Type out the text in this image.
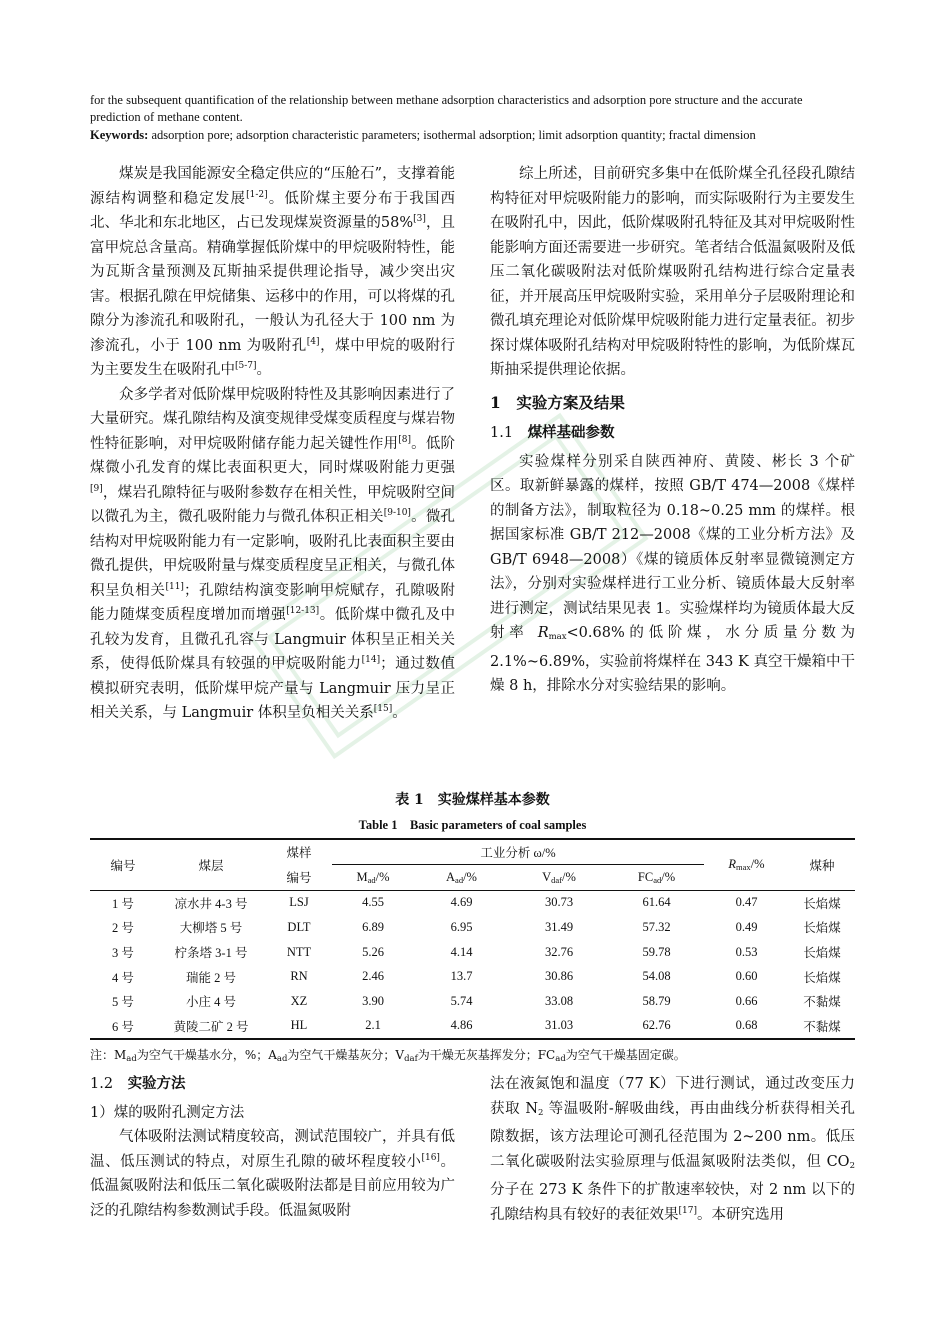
for the subsequent quantification of the relationship between methane adsorption characteristics and adsorption pore structure and the accurate prediction of methane content.
Keywords: adsorption pore; adsorption characteristic parameters; isothermal adsorption; limit adsorption quantity; fractal dimension

煤炭是我国能源安全稳定供应的“压舱石”，支撑着能源结构调整和稳定发展[1-2]。低阶煤主要分布于我国西北、华北和东北地区，占已发现煤炭资源量的58%[3]，且富甲烷总含量高。精确掌握低阶煤中的甲烷吸附特性，能为瓦斯含量预测及瓦斯抽采提供理论指导，减少突出灾害。根据孔隙在甲烷储集、运移中的作用，可以将煤的孔隙分为渗流孔和吸附孔，一般认为孔径大于 100 nm 为渗流孔，小于 100 nm 为吸附孔[4]，煤中甲烷的吸附行为主要发生在吸附孔中[5-7]。

众多学者对低阶煤甲烷吸附特性及其影响因素进行了大量研究。煤孔隙结构及演变规律受煤变质程度与煤岩物性特征影响，对甲烷吸附储存能力起关键性作用[8]。低阶煤微小孔发育的煤比表面积更大，同时煤吸附能力更强[9]，煤岩孔隙特征与吸附参数存在相关性，甲烷吸附空间以微孔为主，微孔吸附能力与微孔体积正相关[9-10]。微孔结构对甲烷吸附能力有一定影响，吸附孔比表面积主要由微孔提供，甲烷吸附量与煤变质程度呈正相关，与微孔体积呈负相关[11]；孔隙结构演变影响甲烷赋存，孔隙吸附能力随煤变质程度增加而增强[12-13]。低阶煤中微孔及中孔较为发育，且微孔孔容与 Langmuir 体积呈正相关关系，使得低阶煤具有较强的甲烷吸附能力[14]；通过数值模拟研究表明，低阶煤甲烷产量与 Langmuir 压力呈正相关关系，与 Langmuir 体积呈负相关关系[15]。

综上所述，目前研究多集中在低阶煤全孔径段孔隙结构特征对甲烷吸附能力的影响，而实际吸附行为主要发生在吸附孔中，因此，低阶煤吸附孔特征及其对甲烷吸附性能影响方面还需要进一步研究。笔者结合低温氮吸附及低压二氧化碳吸附法对低阶煤吸附孔结构进行综合定量表征，并开展高压甲烷吸附实验，采用单分子层吸附理论和微孔填充理论对低阶煤甲烷吸附能力进行定量表征。初步探讨煤体吸附孔结构对甲烷吸附特性的影响，为低阶煤瓦斯抽采提供理论依据。

1　 实验方案及结果
1.1　 煤样基础参数

实验煤样分别采自陕西神府、黄陵、彬长 3 个矿区。取新鲜暴露的煤样，按照 GB/T 474—2008《煤样的制备方法》，制取粒径为 0.18~0.25 mm 的煤样。根据国家标准 GB/T 212—2008《煤的工业分析方法》及 GB/T 6948—2008）《煤的镜质体反射率显微镜测定方法》，分别对实验煤样进行工业分析、镜质体最大反射率进行测定，测试结果见表 1。实验煤样均为镜质体最大反射率 $R_{max}<0.68\%$的低阶煤，水分质量分数为 2.1%~6.89%，实验前将煤样在 343 K 真空干燥箱中干燥 8 h，排除水分对实验结果的影响。

表 1　实验煤样基本参数
Table 1　Basic parameters of coal samples
编号	煤层	煤样	工业分析 ω/%				$R_{max}/\%$	煤种
		编号	$M_{ad}/\%$	$A_{ad}/\%$	$V_{daf}/\%$	$FC_{ad}/\%$		
1 号	凉水井 4-3 号	LSJ	4.55	4.69	30.73	61.64	0.47	长焰煤
2 号	大柳塔 5 号	DLT	6.89	6.95	31.49	57.32	0.49	长焰煤
3 号	柠条塔 3-1 号	NTT	5.26	4.14	32.76	59.78	0.53	长焰煤
4 号	瑞能 2 号	RN	2.46	13.7	30.86	54.08	0.60	长焰煤
5 号	小庄 4 号	XZ	3.90	5.74	33.08	58.79	0.66	不黏煤
6 号	黄陵二矿 2 号	HL	2.1	4.86	31.03	62.76	0.68	不黏煤
注：$M_{ad}$为空气干燥基水分，%；$A_{ad}$为空气干燥基灰分；$V_{daf}$为干燥无灰基挥发分；$FC_{ad}$为空气干燥基固定碳。
1.2　 实验方法
1）煤的吸附孔测定方法

气体吸附法测试精度较高，测试范围较广，并具有低温、低压测试的特点，对原生孔隙的破坏程度较小[16]。低温氮吸附法和低压二氧化碳吸附法都是目前应用较为广泛的孔隙结构参数测试手段。低温氮吸附

法在液氮饱和温度（77 K）下进行测试，通过改变压力获取 $N_2$ 等温吸附-解吸曲线，再由曲线分析获得相关孔隙数据，该方法理论可测孔径范围为 2~200 nm。低压二氧化碳吸附法实验原理与低温氮吸附法类似，但 $CO_2$ 分子在 273 K 条件下的扩散速率较快，对 2 nm 以下的孔隙结构具有较好的表征效果[17]。本研究选用
